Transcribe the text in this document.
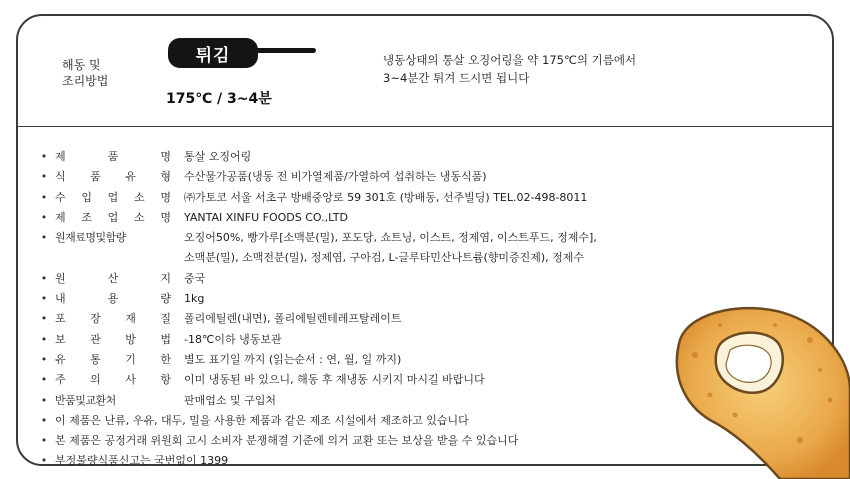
해동 및
조리방법
튀김
175℃ / 3~4분
냉동상태의 통살 오징어링을 약 175℃의 기름에서
3~4분간 튀겨 드시면 됩니다
• 제	품	명 통살 오징어링
• 식 품 유 형 수산물가공품(냉동 전 비가열제품/가열하여 섭취하는 냉동식품)
• 수 입 업 소 명 ㈜가토코 서울 서초구 방배중앙로 59 301호 (방배동, 선주빌딩) TEL.02-498-8011
• 제 조 업 소 명 YANTAI XINFU FOODS CO.,LTD
• 원재료명및함량	오징어50%, 빵가루[소맥분(밀), 포도당, 쇼트닝, 이스트, 정제염, 이스트푸드, 정제수],
소맥분(밀), 소맥전분(밀), 정제염, 구아검, L-글루타민산나트륨(향미증진제), 정제수
• 원	산	지 중국
• 내	용	량 1kg
• 포 장 재 질 폴리에틸렌(내면), 폴리에틸렌테레프탈레이트
• 보 관 방 법 -18℃이하 냉동보관
• 유 통 기 한 별도 표기일 까지 (읽는순서 : 연, 월, 일 까지)
• 주 의 사 항 이미 냉동된 바 있으니, 해동 후 재냉동 시키지 마시길 바랍니다
• 반품및교환처	판매업소 및 구입처
• 이 제품은 난류, 우유, 대두, 밀을 사용한 제품과 같은 제조 시설에서 제조하고 있습니다
• 본 제품은 공정거래 위원회 고시 소비자 분쟁해결 기준에 의거 교환 또는 보상을 받을 수 있습니다
• 부정불량식품신고는 국번없이 1399
